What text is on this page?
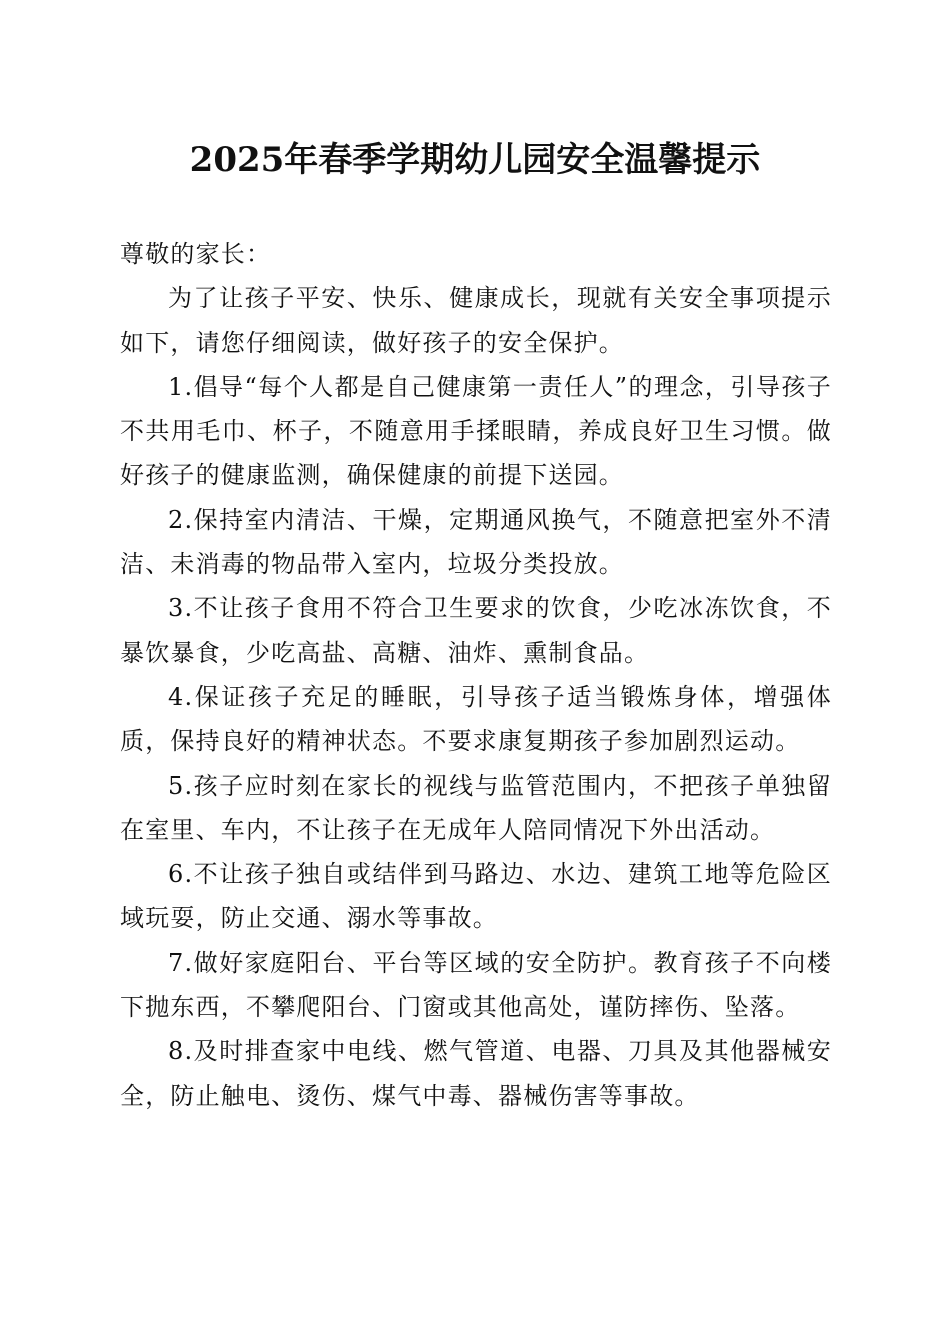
2025年春季学期幼儿园安全温馨提示

尊敬的家长：

为了让孩子平安、快乐、健康成长，现就有关安全事项提示如下，请您仔细阅读，做好孩子的安全保护。

1.倡导“每个人都是自己健康第一责任人”的理念，引导孩子不共用毛巾、杯子，不随意用手揉眼睛，养成良好卫生习惯。做好孩子的健康监测，确保健康的前提下送园。

2.保持室内清洁、干燥，定期通风换气，不随意把室外不清洁、未消毒的物品带入室内，垃圾分类投放。

3.不让孩子食用不符合卫生要求的饮食，少吃冰冻饮食，不暴饮暴食，少吃高盐、高糖、油炸、熏制食品。

4.保证孩子充足的睡眠，引导孩子适当锻炼身体，增强体质，保持良好的精神状态。不要求康复期孩子参加剧烈运动。

5.孩子应时刻在家长的视线与监管范围内，不把孩子单独留在室里、车内，不让孩子在无成年人陪同情况下外出活动。

6.不让孩子独自或结伴到马路边、水边、建筑工地等危险区域玩耍，防止交通、溺水等事故。

7.做好家庭阳台、平台等区域的安全防护。教育孩子不向楼下抛东西，不攀爬阳台、门窗或其他高处，谨防摔伤、坠落。

8.及时排查家中电线、燃气管道、电器、刀具及其他器械安全，防止触电、烫伤、煤气中毒、器械伤害等事故。
